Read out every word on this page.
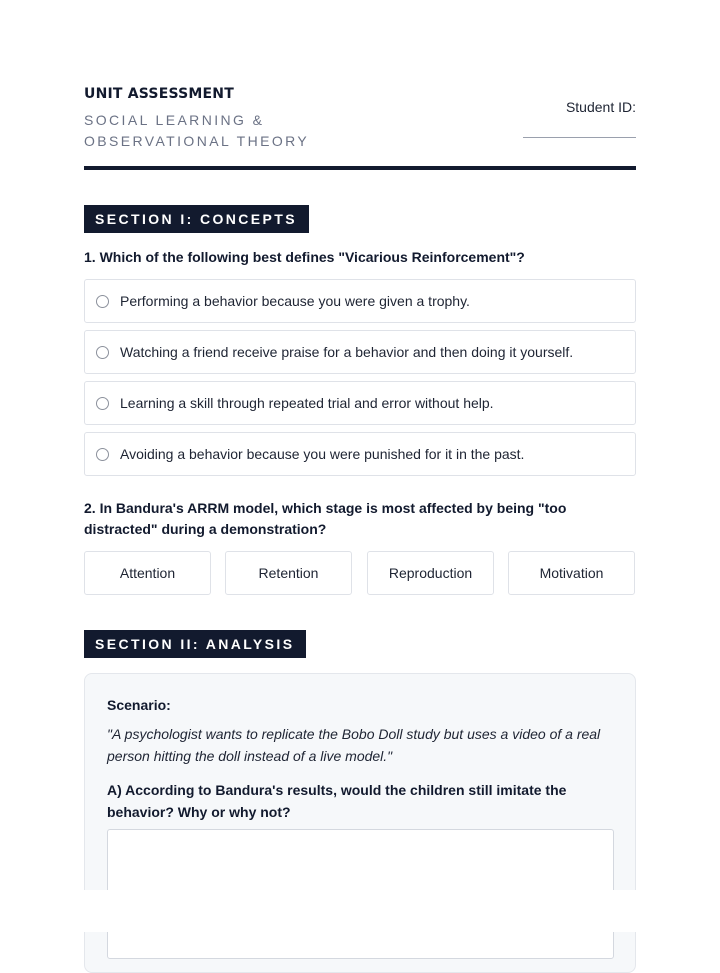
UNIT ASSESSMENT
SOCIAL LEARNING & OBSERVATIONAL THEORY
Student ID:
SECTION I: CONCEPTS
1. Which of the following best defines "Vicarious Reinforcement"?
Performing a behavior because you were given a trophy.
Watching a friend receive praise for a behavior and then doing it yourself.
Learning a skill through repeated trial and error without help.
Avoiding a behavior because you were punished for it in the past.
2. In Bandura's ARRM model, which stage is most affected by being "too distracted" during a demonstration?
Attention	Retention	Reproduction	Motivation
SECTION II: ANALYSIS
Scenario:
"A psychologist wants to replicate the Bobo Doll study but uses a video of a real person hitting the doll instead of a live model."
A) According to Bandura's results, would the children still imitate the behavior? Why or why not?
